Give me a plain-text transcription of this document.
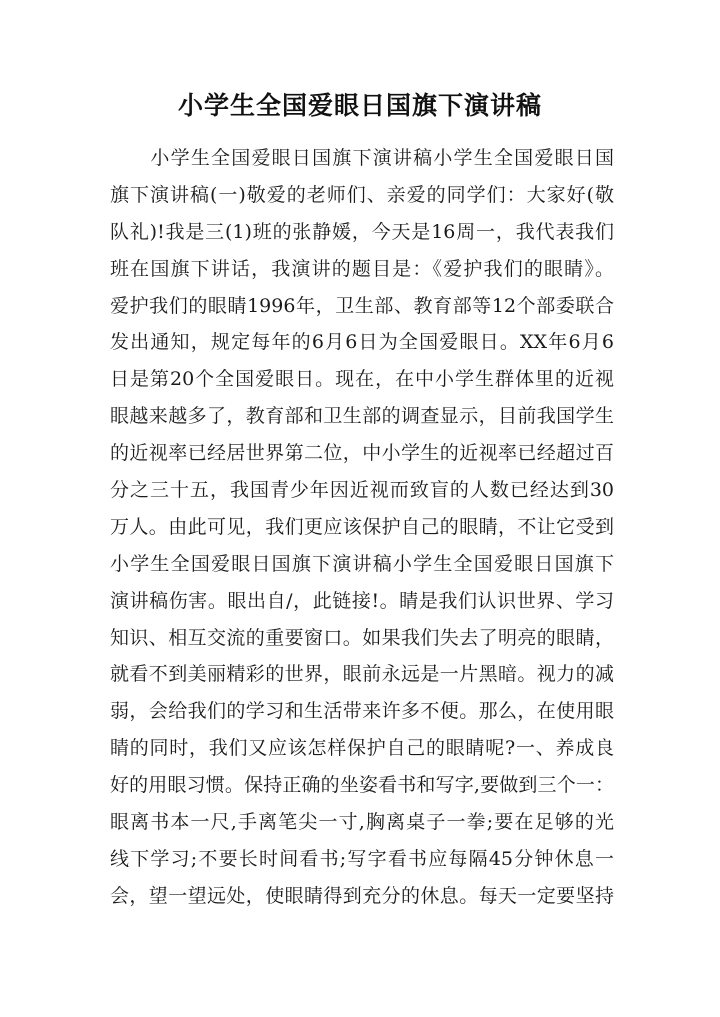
小学生全国爱眼日国旗下演讲稿
　　小学生全国爱眼日国旗下演讲稿小学生全国爱眼日国
旗下演讲稿(一)敬爱的老师们、亲爱的同学们：大家好(敬
队礼)!我是三(1)班的张静媛，今天是16周一，我代表我们
班在国旗下讲话，我演讲的题目是：《爱护我们的眼睛》。
爱护我们的眼睛1996年，卫生部、教育部等12个部委联合
发出通知，规定每年的6月6日为全国爱眼日。XX年6月6
日是第20个全国爱眼日。现在，在中小学生群体里的近视
眼越来越多了，教育部和卫生部的调查显示，目前我国学生
的近视率已经居世界第二位，中小学生的近视率已经超过百
分之三十五，我国青少年因近视而致盲的人数已经达到30
万人。由此可见，我们更应该保护自己的眼睛，不让它受到
小学生全国爱眼日国旗下演讲稿小学生全国爱眼日国旗下
演讲稿伤害。眼出自/，此链接!。睛是我们认识世界、学习
知识、相互交流的重要窗口。如果我们失去了明亮的眼睛，
就看不到美丽精彩的世界，眼前永远是一片黑暗。视力的减
弱，会给我们的学习和生活带来许多不便。那么，在使用眼
睛的同时，我们又应该怎样保护自己的眼睛呢?一、养成良
好的用眼习惯。保持正确的坐姿看书和写字,要做到三个一：
眼离书本一尺,手离笔尖一寸,胸离桌子一拳;要在足够的光
线下学习;不要长时间看书;写字看书应每隔45分钟休息一
会，望一望远处，使眼睛得到充分的休息。每天一定要坚持
